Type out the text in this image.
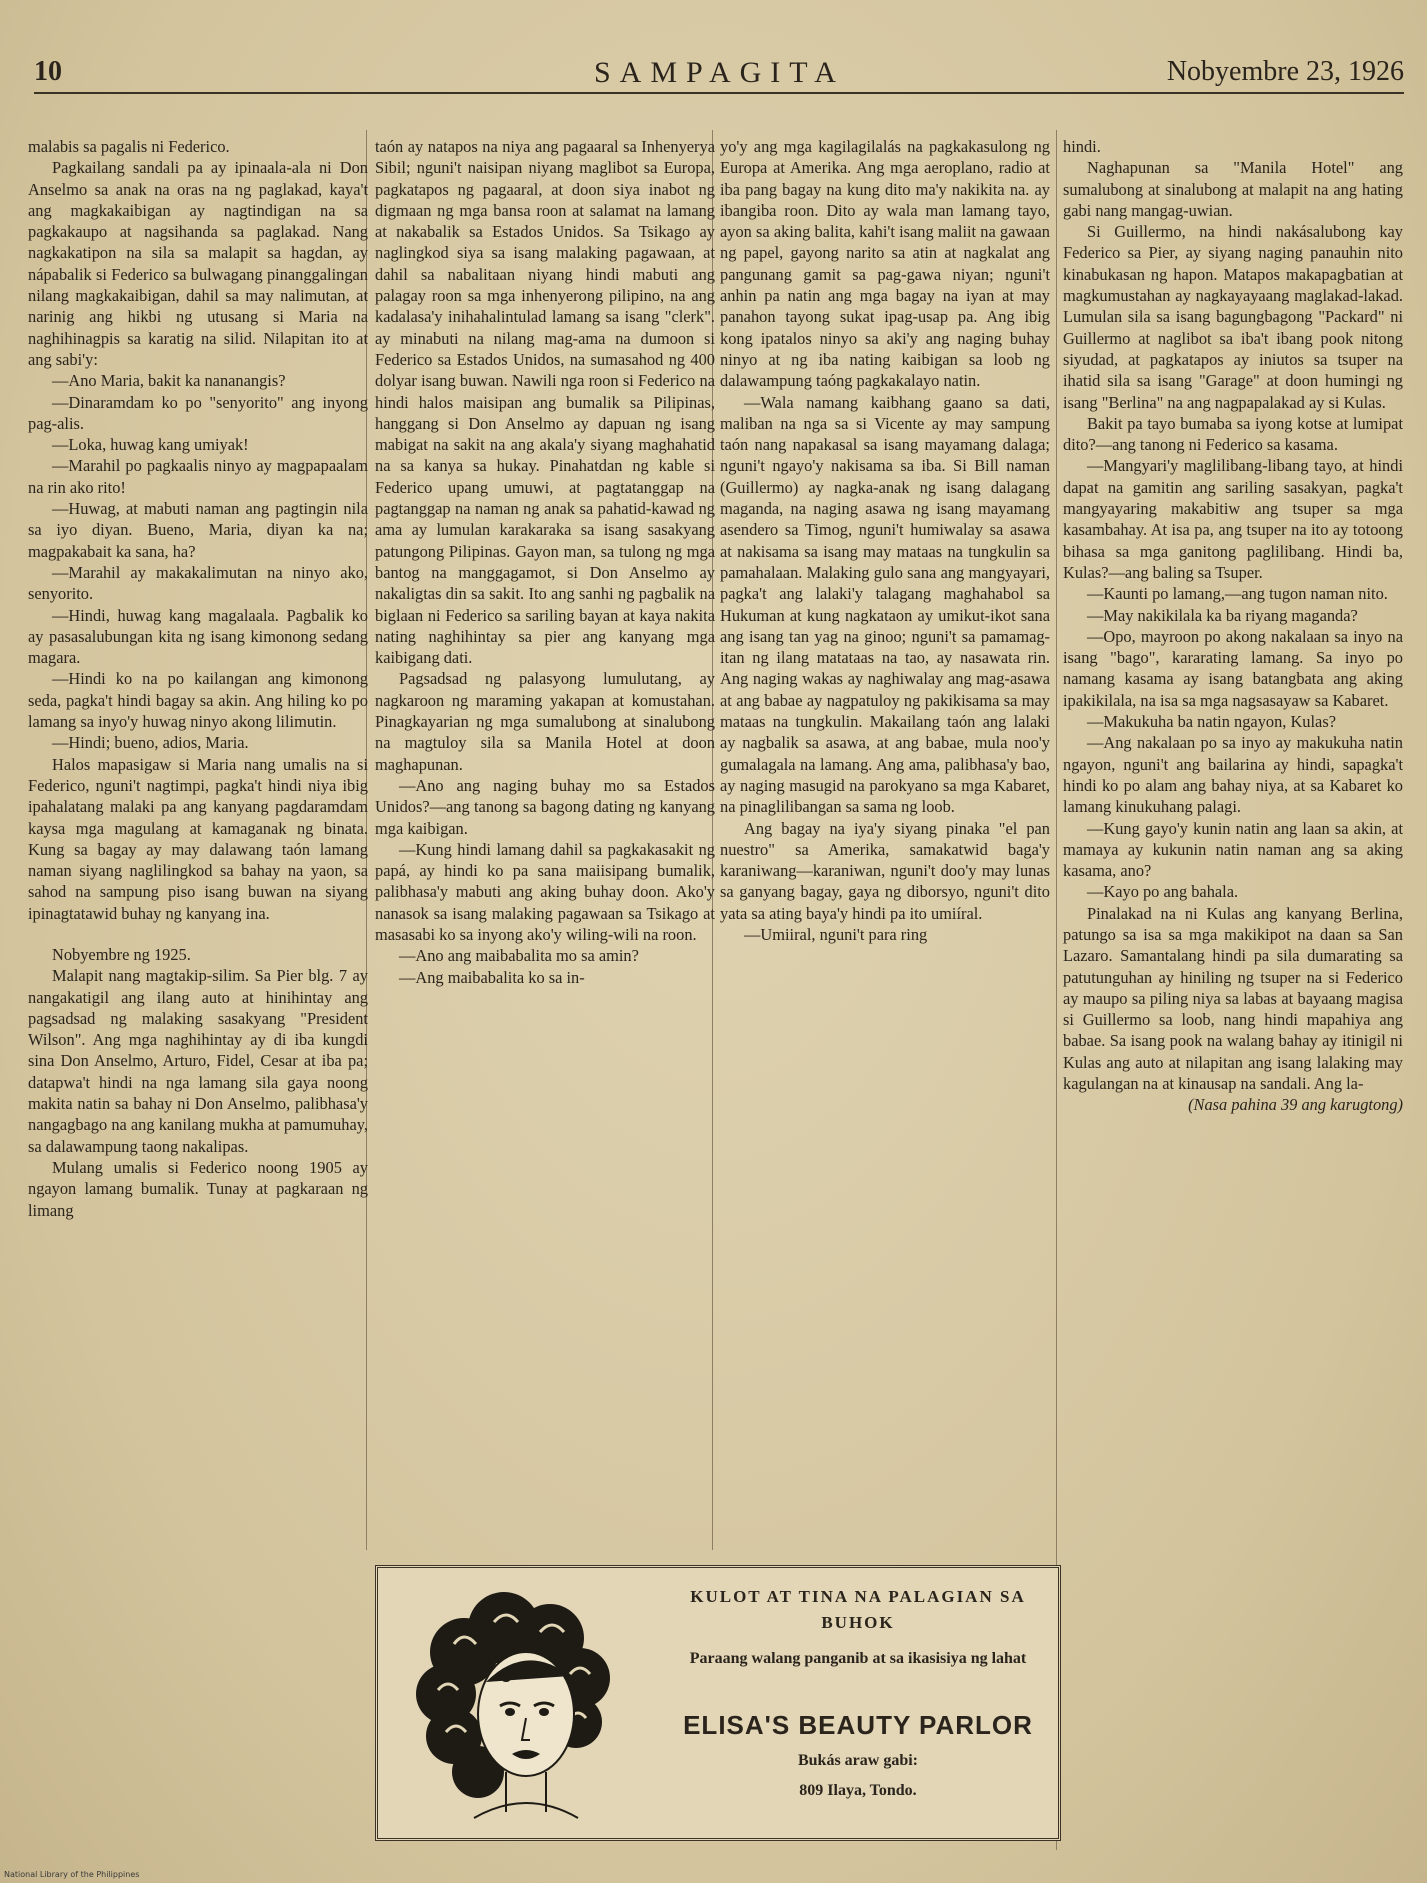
10	SAMPAGITA	Nobyembre 23, 1926

malabis sa pagalis ni Federico.

Pagkailang sandali pa ay ipinaala-ala ni Don Anselmo sa anak na oras na ng paglakad, kaya't ang magkakaibigan ay nagtindigan na sa pagkakaupo at nagsihanda sa paglakad. Nang nagkakatipon na sila sa malapit sa hagdan, ay nápabalik si Federico sa bulwagang pinanggalingan nilang magkakaibigan, dahil sa may nalimutan, at narinig ang hikbi ng utusang si Maria na naghihinagpis sa karatig na silid. Nilapitan ito at ang sabi'y:

—Ano Maria, bakit ka nananangis?

—Dinaramdam ko po "senyorito" ang inyong pag-alis.

—Loka, huwag kang umiyak!

—Marahil po pagkaalis ninyo ay magpapaalam na rin ako rito!

—Huwag, at mabuti naman ang pagtingin nila sa iyo diyan. Bueno, Maria, diyan ka na; magpakabait ka sana, ha?

—Marahil ay makakalimutan na ninyo ako, senyorito.

—Hindi, huwag kang magalaala. Pagbalik ko ay pasasalubungan kita ng isang kimonong sedang magara.

—Hindi ko na po kailangan ang kimonong seda, pagka't hindi bagay sa akin. Ang hiling ko po lamang sa inyo'y huwag ninyo akong lilimutin.

—Hindi; bueno, adios, Maria.

Halos mapasigaw si Maria nang umalis na si Federico, nguni't nagtimpi, pagka't hindi niya ibig ipahalatang malaki pa ang kanyang pagdaramdam kaysa mga magulang at kamaganak ng binata. Kung sa bagay ay may dalawang taón lamang naman siyang naglilingkod sa bahay na yaon, sa sahod na sampung piso isang buwan na siyang ipinagtatawid buhay ng kanyang ina.

Nobyembre ng 1925.

Malapit nang magtakip-silim. Sa Pier blg. 7 ay nangakatigil ang ilang auto at hinihintay ang pagsadsad ng malaking sasakyang "President Wilson". Ang mga naghihintay ay di iba kungdi sina Don Anselmo, Arturo, Fidel, Cesar at iba pa; datapwa't hindi na nga lamang sila gaya noong makita natin sa bahay ni Don Anselmo, palibhasa'y nangagbago na ang kanilang mukha at pamumuhay, sa dalawampung taong nakalipas.

Mulang umalis si Federico noong 1905 ay ngayon lamang bumalik. Tunay at pagkaraan ng limang

taón ay natapos na niya ang pagaaral sa Inhenyerya Sibil; nguni't naisipan niyang maglibot sa Europa, pagkatapos ng pagaaral, at doon siya inabot ng digmaan ng mga bansa roon at salamat na lamang at nakabalik sa Estados Unidos. Sa Tsikago ay naglingkod siya sa isang malaking pagawaan, at dahil sa nabalitaan niyang hindi mabuti ang palagay roon sa mga inhenyerong pilipino, na ang kadalasa'y inihahalintulad lamang sa isang "clerk". ay minabuti na nilang mag-ama na dumoon si Federico sa Estados Unidos, na sumasahod ng 400 dolyar isang buwan. Nawili nga roon si Federico na hindi halos maisipan ang bumalik sa Pilipinas, hanggang si Don Anselmo ay dapuan ng isang mabigat na sakit na ang akala'y siyang maghahatid na sa kanya sa hukay. Pinahatdan ng kable si Federico upang umuwi, at pagtatanggap na pagtanggap na naman ng anak sa pahatid-kawad ng ama ay lumulan karakaraka sa isang sasakyang patungong Pilipinas. Gayon man, sa tulong ng mga bantog na manggagamot, si Don Anselmo ay nakaligtas din sa sakit. Ito ang sanhi ng pagbalik na biglaan ni Federico sa sariling bayan at kaya nakita nating naghihintay sa pier ang kanyang mga kaibigang dati.

Pagsadsad ng palasyong lumulutang, ay nagkaroon ng maraming yakapan at komustahan. Pinagkayarian ng mga sumalubong at sinalubong na magtuloy sila sa Manila Hotel at doon maghapunan.

—Ano ang naging buhay mo sa Estados Unidos?—ang tanong sa bagong dating ng kanyang mga kaibigan.

—Kung hindi lamang dahil sa pagkakasakit ng papá, ay hindi ko pa sana maiisipang bumalik, palibhasa'y mabuti ang aking buhay doon. Ako'y nanasok sa isang malaking pagawaan sa Tsikago at masasabi ko sa inyong ako'y wiling-wili na roon.

—Ano ang maibabalita mo sa amin?

—Ang maibabalita ko sa in-

yo'y ang mga kagilagilalás na pagkakasulong ng Europa at Amerika. Ang mga aeroplano, radio at iba pang bagay na kung dito ma'y nakikita na. ay ibangiba roon. Dito ay wala man lamang tayo, ayon sa aking balita, kahi't isang maliit na gawaan ng papel, gayong narito sa atin at nagkalat ang pangunang gamit sa pag-gawa niyan; nguni't anhin pa natin ang mga bagay na iyan at may panahon tayong sukat ipag-usap pa. Ang ibig kong ipatalos ninyo sa aki'y ang naging buhay ninyo at ng iba nating kaibigan sa loob ng dalawampung taóng pagkakalayo natin.

—Wala namang kaibhang gaano sa dati, maliban na nga sa si Vicente ay may sampung taón nang napakasal sa isang mayamang dalaga; nguni't ngayo'y nakisama sa iba. Si Bill naman (Guillermo) ay nagka-anak ng isang dalagang maganda, na naging asawa ng isang mayamang asendero sa Timog, nguni't humiwalay sa asawa at nakisama sa isang may mataas na tungkulin sa pamahalaan. Malaking gulo sana ang mangyayari, pagka't ang lalaki'y talagang maghahabol sa Hukuman at kung nagkataon ay umikut-ikot sana ang isang tan yag na ginoo; nguni't sa pamamag-itan ng ilang matataas na tao, ay nasawata rin. Ang naging wakas ay naghiwalay ang mag-asawa at ang babae ay nagpatuloy ng pakikisama sa may mataas na tungkulin. Makailang taón ang lalaki ay nagbalik sa asawa, at ang babae, mula noo'y gumalagala na lamang. Ang ama, palibhasa'y bao, ay naging masugid na parokyano sa mga Kabaret, na pinaglilibangan sa sama ng loob.

Ang bagay na iya'y siyang pinaka "el pan nuestro" sa Amerika, samakatwid baga'y karaniwang—karaniwan, nguni't doo'y may lunas sa ganyang bagay, gaya ng diborsyo, nguni't dito yata sa ating baya'y hindi pa ito umiíral.

—Umiiral, nguni't para ring

hindi.

Naghapunan sa "Manila Hotel" ang sumalubong at sinalubong at malapit na ang hating gabi nang mangag-uwian.

Si Guillermo, na hindi nakásalubong kay Federico sa Pier, ay siyang naging panauhin nito kinabukasan ng hapon. Matapos makapagbatian at magkumustahan ay nagkayayaang maglakad-lakad. Lumulan sila sa isang bagungbagong "Packard" ni Guillermo at naglibot sa iba't ibang pook nitong siyudad, at pagkatapos ay iniutos sa tsuper na ihatid sila sa isang "Garage" at doon humingi ng isang "Berlina" na ang nagpapalakad ay si Kulas.

Bakit pa tayo bumaba sa iyong kotse at lumipat dito?—ang tanong ni Federico sa kasama.

—Mangyari'y maglilibang-libang tayo, at hindi dapat na gamitin ang sariling sasakyan, pagka't mangyayaring makabitiw ang tsuper sa mga kasambahay. At isa pa, ang tsuper na ito ay totoong bihasa sa mga ganitong paglilibang. Hindi ba, Kulas?—ang baling sa Tsuper.

—Kaunti po lamang,—ang tugon naman nito.

—May nakikilala ka ba riyang maganda?

—Opo, mayroon po akong nakalaan sa inyo na isang "bago", kararating lamang. Sa inyo po namang kasama ay isang batangbata ang aking ipakikilala, na isa sa mga nagsasayaw sa Kabaret.

—Makukuha ba natin ngayon, Kulas?

—Ang nakalaan po sa inyo ay makukuha natin ngayon, nguni't ang bailarina ay hindi, sapagka't hindi ko po alam ang bahay niya, at sa Kabaret ko lamang kinukuhang palagi.

—Kung gayo'y kunin natin ang laan sa akin, at mamaya ay kukunin natin naman ang sa aking kasama, ano?

—Kayo po ang bahala.

Pinalakad na ni Kulas ang kanyang Berlina, patungo sa isa sa mga makikipot na daan sa San Lazaro. Samantalang hindi pa sila dumarating sa patutunguhan ay hiniling ng tsuper na si Federico ay maupo sa piling niya sa labas at bayaang magisa si Guillermo sa loob, nang hindi mapahiya ang babae. Sa isang pook na walang bahay ay itinigil ni Kulas ang auto at nilapitan ang isang lalaking may kagulangan na at kinausap na sandali. Ang la-

(Nasa pahina 39 ang karugtong)

KULOT AT TINA NA PALAGIAN SA BUHOK
Paraang walang panganib at sa ikasisiya ng lahat
ELISA'S BEAUTY PARLOR
Bukás araw gabi:
809 Ilaya, Tondo.
National Library of the Philippines
